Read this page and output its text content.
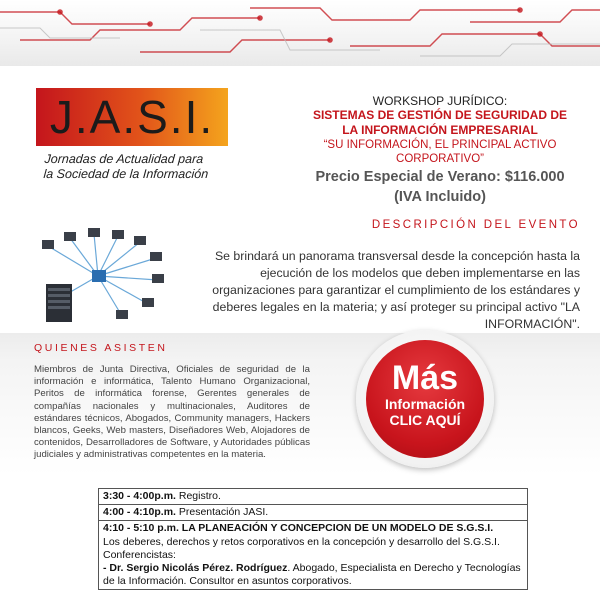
J.A.S.I.
Jornadas de Actualidad para
la Sociedad de la Información
WORKSHOP JURÍDICO:
SISTEMAS DE GESTIÓN DE SEGURIDAD DE
LA INFORMACIÓN EMPRESARIAL
“SU INFORMACIÓN, EL PRINCIPAL ACTIVO
CORPORATIVO”
Precio Especial de Verano: $116.000
(IVA Incluido)
DESCRIPCIÓN DEL EVENTO
Se brindará un panorama transversal desde la concepción hasta la ejecución de los modelos que deben implementarse en las organizaciones para garantizar el cumplimiento de los estándares y deberes legales en la materia; y así proteger su principal activo "LA INFORMACIÓN".
QUIENES ASISTEN
Miembros de Junta Directiva, Oficiales de seguridad de la información e informática, Talento Humano Organizacional, Peritos de informática forense, Gerentes generales de compañías nacionales y multinacionales, Auditores de estándares técnicos, Abogados, Community managers, Hackers blancos, Geeks, Web masters, Diseñadores Web, Alojadores de contenidos, Desarrolladores de Software, y Autoridades públicas judiciales y administrativas competentes en la materia.
Más
Información
CLIC AQUÍ
3:30 - 4:00p.m. Registro.
4:00 - 4:10p.m. Presentación JASI.
4:10 - 5:10 p.m. LA PLANEACIÓN Y CONCEPCION DE UN MODELO DE S.G.S.I.
Los deberes, derechos y retos corporativos en la concepción y desarrollo del S.G.S.I.
Conferencistas:
- Dr. Sergio Nicolás Pérez. Rodríguez. Abogado, Especialista en Derecho y Tecnologías de la Información. Consultor en asuntos corporativos.
